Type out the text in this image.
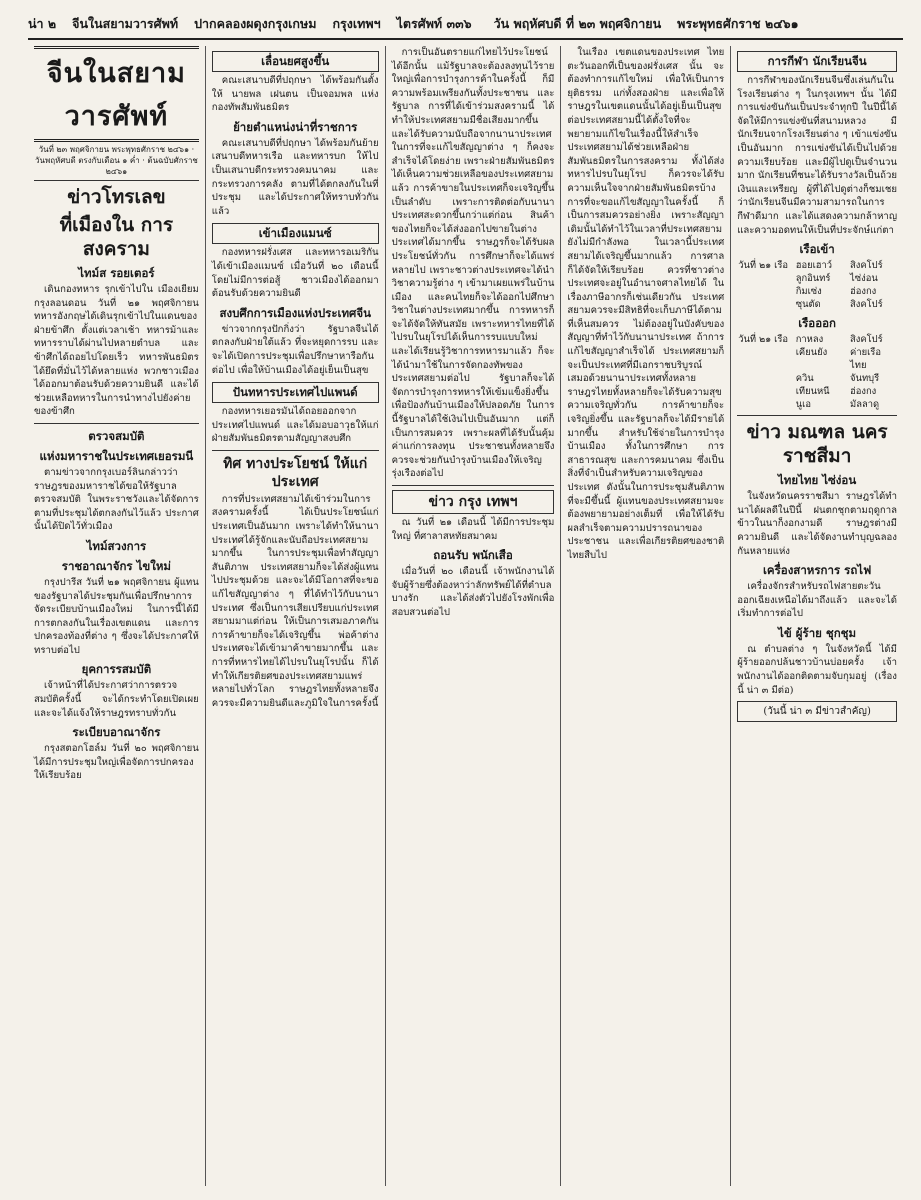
น่า ๒ จีนในสยามวารศัพท์ ปากคลองผดุงกรุงเกษม กรุงเทพฯ ไตรศัพท์ ๓๓๖ วัน พฤหัศบดี ที่ ๒๓ พฤศจิกายน พระพุทธศักราช ๒๔๖๑
จีนในสยามวารศัพท์
วันที่ ๒๓ พฤศจิกายน พระพุทธศักราช ๒๔๖๑ · วันพฤหัศบดี ตรงกับเดือน ๑ ค่ำ · ต้นฉบับศักราช ๒๔๖๑
ข่าวโทรเลข
ที่เมืองใน การสงคราม
ไทม์ส รอยเตอร์

เดินกองทหาร รุกเข้าไปใน เมืองเยียม กรุงลอนดอน วันที่ ๒๑ พฤศจิกายน ทหารอังกฤษได้เดินรุกเข้าไปในแดนของฝ่ายข้าศึก ตั้งแต่เวลาเช้า ทหารม้าและทหารราบได้ผ่านไปหลายตำบล และข้าศึกได้ถอยไปโดยเร็ว ทหารพันธมิตรได้ยึดที่มั่นไว้ได้หลายแห่ง พวกชาวเมืองได้ออกมาต้อนรับด้วยความยินดี และได้ช่วยเหลือทหารในการนำทางไปยังค่ายของข้าศึก

ตรวจสมบัติ
แห่งมหาราชในประเทศเยอรมนี

ตามข่าวจากกรุงเบอร์ลินกล่าวว่า ราษฎรของมหาราชได้ขอให้รัฐบาลตรวจสมบัติ ในพระราชวังและได้จัดการตามที่ประชุมได้ตกลงกันไว้แล้ว ประกาศนั้นได้ปิดไว้ทั่วเมือง

ไทม์สวงการ
ราชอาณาจักร ไขใหม่

กรุงปารีส วันที่ ๒๑ พฤศจิกายน ผู้แทนของรัฐบาลได้ประชุมกันเพื่อปรึกษาการจัดระเบียบบ้านเมืองใหม่ ในการนี้ได้มีการตกลงกันในเรื่องเขตแดน และการปกครองท้องที่ต่าง ๆ ซึ่งจะได้ประกาศให้ทราบต่อไป

ยุคการรสมบัติ

เจ้าหน้าที่ได้ประกาศว่าการตรวจสมบัติครั้งนี้ จะได้กระทำโดยเปิดเผย และจะได้แจ้งให้ราษฎรทราบทั่วกัน

ระเบียบอาณาจักร

กรุงสตอกโฮล์ม วันที่ ๒๐ พฤศจิกายน ได้มีการประชุมใหญ่เพื่อจัดการปกครองให้เรียบร้อย

เลื่อนยศสูงขึ้น

คณะเสนาบดีที่ปฤกษา ได้พร้อมกันตั้ง ให้ นายพล เฝนตน เป็นจอมพล แห่งกองทัพสัมพันธมิตร

ย้ายตำแหน่งน่าที่ราชการ

คณะเสนาบดีที่ปฤกษา ได้พร้อมกันย้ายเสนาบดีทหารเรือ และทหารบก ให้ไปเป็นเสนาบดีกระทรวงคมนาคม และกระทรวงการคลัง ตามที่ได้ตกลงกันในที่ประชุม และได้ประกาศให้ทราบทั่วกันแล้ว

เข้าเมืองแมนซ์

กองทหารฝรั่งเศส และทหารอเมริกันได้เข้าเมืองแมนซ์ เมื่อวันที่ ๒๐ เดือนนี้ โดยไม่มีการต่อสู้ ชาวเมืองได้ออกมาต้อนรับด้วยความยินดี

สงบศึกการเมืองแห่งประเทศจีน

ข่าวจากกรุงปักกิ่งว่า รัฐบาลจีนได้ตกลงกับฝ่ายใต้แล้ว ที่จะหยุดการรบ และจะได้เปิดการประชุมเพื่อปรึกษาหารือกันต่อไป เพื่อให้บ้านเมืองได้อยู่เย็นเป็นสุข

ปันทหารประเทศไปแพนด์

กองทหารเยอรมันได้ถอยออกจากประเทศไปแพนด์ และได้มอบอาวุธให้แก่ฝ่ายสัมพันธมิตรตามสัญญาสงบศึก

ทิศ ทางประโยชน์ ให้แก่ประเทศ

การที่ประเทศสยามได้เข้าร่วมในการสงครามครั้งนี้ ได้เป็นประโยชน์แก่ประเทศเป็นอันมาก เพราะได้ทำให้นานาประเทศได้รู้จักและนับถือประเทศสยามมากขึ้น ในการประชุมเพื่อทำสัญญาสันติภาพ ประเทศสยามก็จะได้ส่งผู้แทนไปประชุมด้วย และจะได้มีโอกาสที่จะขอแก้ไขสัญญาต่าง ๆ ที่ได้ทำไว้กับนานาประเทศ ซึ่งเป็นการเสียเปรียบแก่ประเทศสยามมาแต่ก่อน ให้เป็นการเสมอภาคกัน การค้าขายก็จะได้เจริญขึ้น พ่อค้าต่างประเทศจะได้เข้ามาค้าขายมากขึ้น และการที่ทหารไทยได้ไปรบในยุโรปนั้น ก็ได้ทำให้เกียรติยศของประเทศสยามแพร่หลายไปทั่วโลก ราษฎรไทยทั้งหลายจึงควรจะมีความยินดีและภูมิใจในการครั้งนี้

การเป็นอันตรายแก่ไทยไว้ประโยชน์ได้อีกนั้น แม้รัฐบาลจะต้องลงทุนไว้รายใหญ่เพื่อการบำรุงการค้าในครั้งนี้ ก็มีความพร้อมเพรียงกันทั้งประชาชน และรัฐบาล การที่ได้เข้าร่วมสงครามนี้ ได้ทำให้ประเทศสยามมีชื่อเสียงมากขึ้น และได้รับความนับถือจากนานาประเทศ ในการที่จะแก้ไขสัญญาต่าง ๆ ก็คงจะสำเร็จได้โดยง่าย เพราะฝ่ายสัมพันธมิตรได้เห็นความช่วยเหลือของประเทศสยามแล้ว การค้าขายในประเทศก็จะเจริญขึ้นเป็นลำดับ เพราะการติดต่อกับนานาประเทศสะดวกขึ้นกว่าแต่ก่อน สินค้าของไทยก็จะได้ส่งออกไปขายในต่างประเทศได้มากขึ้น ราษฎรก็จะได้รับผลประโยชน์ทั่วกัน การศึกษาก็จะได้แพร่หลายไป เพราะชาวต่างประเทศจะได้นำวิชาความรู้ต่าง ๆ เข้ามาเผยแพร่ในบ้านเมือง และคนไทยก็จะได้ออกไปศึกษาวิชาในต่างประเทศมากขึ้น การทหารก็จะได้จัดให้ทันสมัย เพราะทหารไทยที่ได้ไปรบในยุโรปได้เห็นการรบแบบใหม่ และได้เรียนรู้วิชาการทหารมาแล้ว ก็จะได้นำมาใช้ในการจัดกองทัพของประเทศสยามต่อไป รัฐบาลก็จะได้จัดการบำรุงการทหารให้เข้มแข็งยิ่งขึ้น เพื่อป้องกันบ้านเมืองให้ปลอดภัย ในการนี้รัฐบาลได้ใช้เงินไปเป็นอันมาก แต่ก็เป็นการสมควร เพราะผลที่ได้รับนั้นคุ้มค่าแก่การลงทุน ประชาชนทั้งหลายจึงควรจะช่วยกันบำรุงบ้านเมืองให้เจริญรุ่งเรืองต่อไป

ข่าว กรุง เทพฯ

ณ วันที่ ๒๑ เดือนนี้ ได้มีการประชุมใหญ่ ที่ศาลาสหทัยสมาคม

ถอนรับ พนักเสือ

เมื่อวันที่ ๒๐ เดือนนี้ เจ้าพนักงานได้จับผู้ร้ายซึ่งต้องหาว่าลักทรัพย์ได้ที่ตำบลบางรัก และได้ส่งตัวไปยังโรงพักเพื่อสอบสวนต่อไป

ในเรื่อง เขตแดนของประเทศ ไทย ตะวันออกที่เป็นของฝรั่งเศส นั้น จะต้องทำการแก้ไขใหม่ เพื่อให้เป็นการยุติธรรม แก่ทั้งสองฝ่าย และเพื่อให้ราษฎรในเขตแดนนั้นได้อยู่เย็นเป็นสุข ต่อประเทศสยามนี้ได้ตั้งใจที่จะพยายามแก้ไขในเรื่องนี้ให้สำเร็จ ประเทศสยามได้ช่วยเหลือฝ่ายสัมพันธมิตรในการสงคราม ทั้งได้ส่งทหารไปรบในยุโรป ก็ควรจะได้รับความเห็นใจจากฝ่ายสัมพันธมิตรบ้าง การที่จะขอแก้ไขสัญญาในครั้งนี้ ก็เป็นการสมควรอย่างยิ่ง เพราะสัญญาเดิมนั้นได้ทำไว้ในเวลาที่ประเทศสยามยังไม่มีกำลังพอ ในเวลานี้ประเทศสยามได้เจริญขึ้นมากแล้ว การศาลก็ได้จัดให้เรียบร้อย ควรที่ชาวต่างประเทศจะอยู่ในอำนาจศาลไทยได้ ในเรื่องภาษีอากรก็เช่นเดียวกัน ประเทศสยามควรจะมีสิทธิที่จะเก็บภาษีได้ตามที่เห็นสมควร ไม่ต้องอยู่ในบังคับของสัญญาที่ทำไว้กับนานาประเทศ ถ้าการแก้ไขสัญญาสำเร็จได้ ประเทศสยามก็จะเป็นประเทศที่มีเอกราชบริบูรณ์ เสมอด้วยนานาประเทศทั้งหลาย ราษฎรไทยทั้งหลายก็จะได้รับความสุขความเจริญทั่วกัน การค้าขายก็จะเจริญยิ่งขึ้น และรัฐบาลก็จะได้มีรายได้มากขึ้น สำหรับใช้จ่ายในการบำรุงบ้านเมือง ทั้งในการศึกษา การสาธารณสุข และการคมนาคม ซึ่งเป็นสิ่งที่จำเป็นสำหรับความเจริญของประเทศ ดังนั้นในการประชุมสันติภาพที่จะมีขึ้นนี้ ผู้แทนของประเทศสยามจะต้องพยายามอย่างเต็มที่ เพื่อให้ได้รับผลสำเร็จตามความปรารถนาของประชาชน และเพื่อเกียรติยศของชาติไทยสืบไป

การกีฬา นักเรียนจีน

การกีฬาของนักเรียนจีนซึ่งเล่นกันในโรงเรียนต่าง ๆ ในกรุงเทพฯ นั้น ได้มีการแข่งขันกันเป็นประจำทุกปี ในปีนี้ได้จัดให้มีการแข่งขันที่สนามหลวง มีนักเรียนจากโรงเรียนต่าง ๆ เข้าแข่งขันเป็นอันมาก การแข่งขันได้เป็นไปด้วยความเรียบร้อย และมีผู้ไปดูเป็นจำนวนมาก นักเรียนที่ชนะได้รับรางวัลเป็นถ้วยเงินและเหรียญ ผู้ที่ได้ไปดูต่างก็ชมเชยว่านักเรียนจีนมีความสามารถในการกีฬาดีมาก และได้แสดงความกล้าหาญและความอดทนให้เป็นที่ประจักษ์แก่ตา

เรือเข้า
วันที่ ๒๑ เรือ	ฮอยเฮาว์	สิงคโปร์
	ลูกอินทร์	ไซ่ง่อน
	กิมเซ่ง	ฮ่องกง
	ซุนตัด	สิงคโปร์
เรือออก
วันที่ ๒๑ เรือ	กาหลง	สิงคโปร์
	เคียนยัง	ค่ายเรือไทย
	ควิน	จันทบุรี
	เทียนหนี	ฮ่องกง
	นูเอ	มัลลาดู
ข่าว มณฑล นคร ราชสีมา
ไทยไทย ไซ่ง่อน

ในจังหวัดนครราชสีมา ราษฎรได้ทำนาได้ผลดีในปีนี้ ฝนตกชุกตามฤดูกาล ข้าวในนาก็งอกงามดี ราษฎรต่างมีความยินดี และได้จัดงานทำบุญฉลองกันหลายแห่ง

เครื่องสาหรการ รถไฟ

เครื่องจักรสำหรับรถไฟสายตะวันออกเฉียงเหนือได้มาถึงแล้ว และจะได้เริ่มทำการต่อไป

ไข้ ผู้ร้าย ชุกชุม

ณ ตำบลต่าง ๆ ในจังหวัดนี้ ได้มีผู้ร้ายออกปล้นชาวบ้านบ่อยครั้ง เจ้าพนักงานได้ออกติดตามจับกุมอยู่ (เรื่องนี้ น่า ๓ มีต่อ)

(วันนี้ น่า ๓ มีข่าวสำคัญ)
